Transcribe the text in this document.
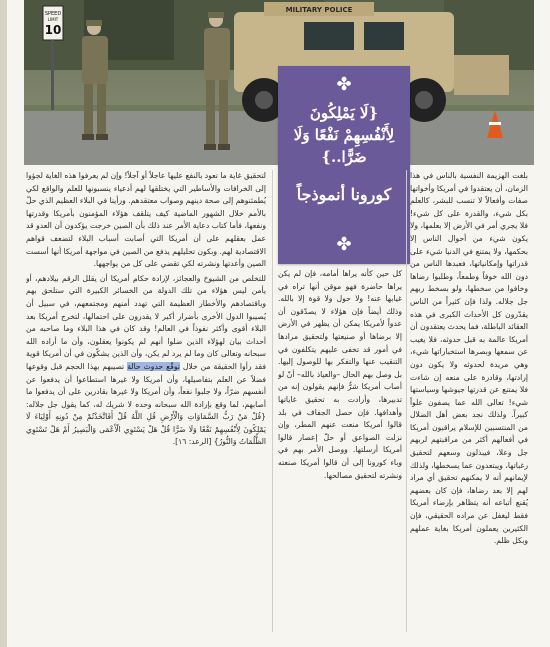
SPEED
LIMIT
10
MILITARY POLICE
✤
{لَا يَمْلِكُونَ لِأَنْفُسِهِمْ نَفْعًا وَلَا ضَرًّا..}
كورونا أنموذجاً
✤

بلغت الهزيمة النفسية بالناس في هذا الزمان، أن يعتقدوا في أمريكا وأخواتها صفات وأفعالاً لا تنسب للبشر، كالعلم بكل شيء، والقدرة على كل شيء! فلا يجري أمر في الأرض إلا بعلمها، ولا يكون شيء من أحوال الناس إلا بحكمها، ولا يمتنع في الدنيا شيء على قدراتها وإمكانياتها، فعبدها الناس من دون الله خوفاً وطمعاً، وطلبوا رضاها وخافوا من سخطها، ولو بسخط ربهم جل جلاله. ولذا فإن كثيراً من الناس يقدّرون كل الأحداث الكبرى في هذه العقائد الباطلة، فما يحدث يعتقدون أن أمريكا عالمة به قبل حدوثه، فلا يغيب عن سمعها وبصرها استخباراتها شيء، وهي مريدة لحدوثه ولا يكون دون إرادتها، وقادرة على منعه إن شاءت فلا يمتنع عن قدرتها جيوشها وسياستها شيء! تعالى الله عما يصفون علواً كبيراً. ولذلك نجد بعض أهل الضلال من المنتسبين للإسلام يراقبون أمريكا في أفعالهم أكثر من مراقبتهم لربهم جل وعلا، فيبذلون وسعهم لتحقيق رغباتها، ويبتعدون عما يسخطها، ولذلك لإيمانهم أنه لا يمكنهم تحقيق أي مراد لهم إلا بعد رضاها، فإن كان بعضهم يُقنع أتباعه أنه يتظاهر بإرضاء أمريكا فقط ليغفل عن مراده الحقيقي، فإن الكثيرين يعملون أمريكا بغاية عملهم وبكل ظلم.

كل حين كأنه يراها أمامه، فإن لم يكن يراها حاضرة فهو موقن أنها تراه في غيابها عنه! ولا حول ولا قوة إلا بالله. وذلك أيضاً فإن هؤلاء لا يصدّقون أن عدواً لأمريكا يمكن أن يظهر في الأرض إلا برضاها أو صنيعتها ولتحقيق مرادها في أمور قد تخفى عليهم يتكلفون في التنقيب عنها والتفكر بها للوصول إليها. بل وصل بهم الحال –والعياذ بالله– أنّ لو أصاب أمريكا شرٌّ فإنهم يقولون إنه من تدبيرها، وأرادت به تحقيق غاياتها وأهدافها. فإن حصل الجفاف في بلد قالوا أمريكا منعت عنهم المطر، وإن نزلت الصواعق أو حلّ إعصار قالوا أمريكا أرسلتها. ووصل الأمر بهم في وباء كورونا إلى أن قالوا أمريكا صنعته ونشرته لتحقيق مصالحها.

لتحقيق غاية ما تعود بالنفع عليها عاجلاً أو آجلاً! وإن لم يعرفوا هذه الغاية لجؤوا إلى الخرافات والأساطير التي يختلقها لهم أدعياء ينسبونها للعلم والواقع لكي يُطمئنوهم إلى صحة دينهم وصواب معتقدهم. ورأينا في البلاء العظيم الذي حلّ بالأمم خلال الشهور الماضية كيف يتلقف هؤلاء المؤمنون بأمريكا وقدرتها ونفعها، فأما كتاب دعاية الأمر عند ذلك بأن الصين خرجت يؤكدون أن العدو قد عمل بعقلهم على أن أمريكا التي أصابت أسباب البلاء لتضعف قواهم الاقتصادية لهم. وبكون تحليلهم يدفع من الصين في مواجهة أمريكا أنها أسست الصين وأعدتها ونشرته لكي تقضي على كل من يواجهها.

للتخلص من الشيوخ والعجائز، لإرادة حكام أمريكا أن يقلل الرقم بيلادهم، أو يأمن ليس هؤلاء من تلك الدولة من الخسائر الكبيرة التي ستلحق بهم وباقتصادهم والأخطار العظيمة التي تهدد أمنهم ومجتمعهم، في سبيل أن يُصيبوا الدول الأخرى بأضرار أكبر لا يقدرون على احتمالها، لتخرج أمريكا بعد البلاء أقوى وأكثر نفوذاً في العالم! وقد كان في هذا البلاء وما صاحبه من أحداث بيان لهؤلاء الذين ضلوا أنهم لم يكونوا يعقلون، وأن ما أراده الله سبحانه وتعالى كان وما لم يرد لم يكن، وأن الذين يشكّون في أن أمريكا قوية فقد رأوا الحقيقة من خلال توقّع حدوث حالة تصيبهم بهذا الحجم قبل وقوعها فضلاً عن العلم بتفاصيلها، وأن أمريكا ولا غيرها استطاعوا أن يدفعوا عن أنفسهم ضرّاً، ولا جلبوا نفعاً، وأن أمريكا ولا غيرها بقادرين على أن يدفعوا ما أصابهم، لما وقع بإرادة الله سبحانه وحده لا شريك له، كما يقول جل جلاله: {قُلْ مَنْ رَبُّ السَّمَاوَاتِ وَالْأَرْضِ قُلِ اللَّهُ قُلْ أَفَاتَّخَذْتُمْ مِنْ دُونِهِ أَوْلِيَاءَ لَا يَمْلِكُونَ لِأَنْفُسِهِمْ نَفْعًا وَلَا ضَرًّا قُلْ هَلْ يَسْتَوِي الْأَعْمَى وَالْبَصِيرُ أَمْ هَلْ تَسْتَوِي الظُّلُمَاتُ وَالنُّورُ} [الرعد: ١٦].
